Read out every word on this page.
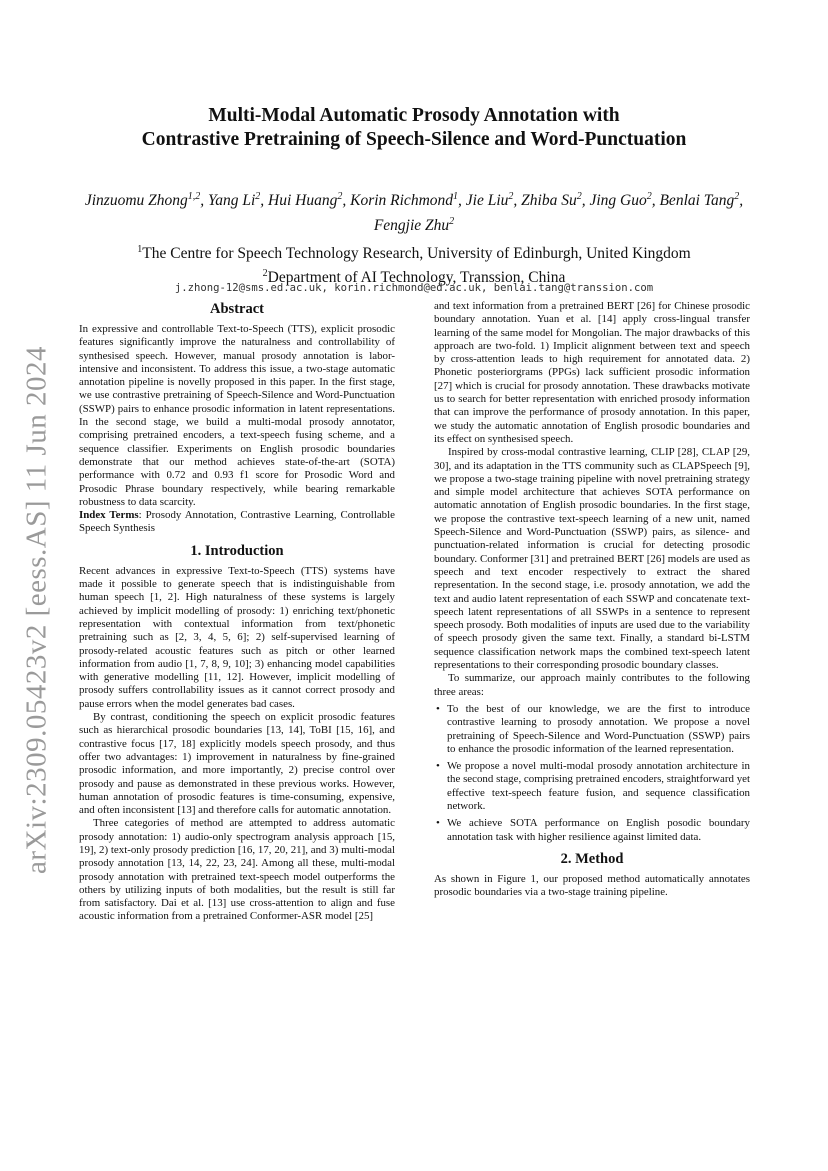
arXiv:2309.05423v2 [eess.AS] 11 Jun 2024
Multi-Modal Automatic Prosody Annotation with
Contrastive Pretraining of Speech-Silence and Word-Punctuation
Jinzuomu Zhong$^{1,2}$, Yang Li$^2$, Hui Huang$^2$, Korin Richmond$^1$, Jie Liu$^2$, Zhiba Su$^2$, Jing Guo$^2$, Benlai Tang$^2$, Fengjie Zhu$^2$
$^1$The Centre for Speech Technology Research, University of Edinburgh, United Kingdom
$^2$Department of AI Technology, Transsion, China
j.zhong-12@sms.ed.ac.uk, korin.richmond@ed.ac.uk, benlai.tang@transsion.com
Abstract

In expressive and controllable Text-to-Speech (TTS), explicit prosodic features significantly improve the naturalness and controllability of synthesised speech. However, manual prosody annotation is labor-intensive and inconsistent. To address this issue, a two-stage automatic annotation pipeline is novelly proposed in this paper. In the first stage, we use contrastive pretraining of Speech-Silence and Word-Punctuation (SSWP) pairs to enhance prosodic information in latent representations. In the second stage, we build a multi-modal prosody annotator, comprising pretrained encoders, a text-speech fusing scheme, and a sequence classifier. Experiments on English prosodic boundaries demonstrate that our method achieves state-of-the-art (SOTA) performance with 0.72 and 0.93 f1 score for Prosodic Word and Prosodic Phrase boundary respectively, while bearing remarkable robustness to data scarcity.

Index Terms: Prosody Annotation, Contrastive Learning, Controllable Speech Synthesis

1. Introduction

Recent advances in expressive Text-to-Speech (TTS) systems have made it possible to generate speech that is indistinguishable from human speech [1, 2]. High naturalness of these systems is largely achieved by implicit modelling of prosody: 1) enriching text/phonetic representation with contextual information from text/phonetic pretraining such as [2, 3, 4, 5, 6]; 2) self-supervised learning of prosody-related acoustic features such as pitch or other learned information from audio [1, 7, 8, 9, 10]; 3) enhancing model capabilities with generative modelling [11, 12]. However, implicit modelling of prosody suffers controllability issues as it cannot correct prosody and pause errors when the model generates bad cases.

By contrast, conditioning the speech on explicit prosodic features such as hierarchical prosodic boundaries [13, 14], ToBI [15, 16], and contrastive focus [17, 18] explicitly models speech prosody, and thus offer two advantages: 1) improvement in naturalness by fine-grained prosodic information, and more importantly, 2) precise control over prosody and pause as demonstrated in these previous works. However, human annotation of prosodic features is time-consuming, expensive, and often inconsistent [13] and therefore calls for automatic annotation.

Three categories of method are attempted to address automatic prosody annotation: 1) audio-only spectrogram analysis approach [15, 19], 2) text-only prosody prediction [16, 17, 20, 21], and 3) multi-modal prosody annotation [13, 14, 22, 23, 24]. Among all these, multi-modal prosody annotation with pretrained text-speech model outperforms the others by utilizing inputs of both modalities, but the result is still far from satisfactory. Dai et al. [13] use cross-attention to align and fuse acoustic information from a pretrained Conformer-ASR model [25]

and text information from a pretrained BERT [26] for Chinese prosodic boundary annotation. Yuan et al. [14] apply cross-lingual transfer learning of the same model for Mongolian. The major drawbacks of this approach are two-fold. 1) Implicit alignment between text and speech by cross-attention leads to high requirement for annotated data. 2) Phonetic posteriorgrams (PPGs) lack sufficient prosodic information [27] which is crucial for prosody annotation. These drawbacks motivate us to search for better representation with enriched prosody information that can improve the performance of prosody annotation. In this paper, we study the automatic annotation of English prosodic boundaries and its effect on synthesised speech.

Inspired by cross-modal contrastive learning, CLIP [28], CLAP [29, 30], and its adaptation in the TTS community such as CLAPSpeech [9], we propose a two-stage training pipeline with novel pretraining strategy and simple model architecture that achieves SOTA performance on automatic annotation of English prosodic boundaries. In the first stage, we propose the contrastive text-speech learning of a new unit, named Speech-Silence and Word-Punctuation (SSWP) pairs, as silence- and punctuation-related information is crucial for detecting prosodic boundary. Conformer [31] and pretrained BERT [26] models are used as speech and text encoder respectively to extract the shared representation. In the second stage, i.e. prosody annotation, we add the text and audio latent representation of each SSWP and concatenate text-speech latent representations of all SSWPs in a sentence to represent speech prosody. Both modalities of inputs are used due to the variability of speech prosody given the same text. Finally, a standard bi-LSTM sequence classification network maps the combined text-speech latent representations to their corresponding prosodic boundary classes.

To summarize, our approach mainly contributes to the following three areas:

• To the best of our knowledge, we are the first to introduce contrastive learning to prosody annotation. We propose a novel pretraining of Speech-Silence and Word-Punctuation (SSWP) pairs to enhance the prosodic information of the learned representation.
• We propose a novel multi-modal prosody annotation architecture in the second stage, comprising pretrained encoders, straightforward yet effective text-speech feature fusion, and sequence classification network.
• We achieve SOTA performance on English posodic boundary annotation task with higher resilience against limited data.
2. Method

As shown in Figure 1, our proposed method automatically annotates prosodic boundaries via a two-stage training pipeline.
